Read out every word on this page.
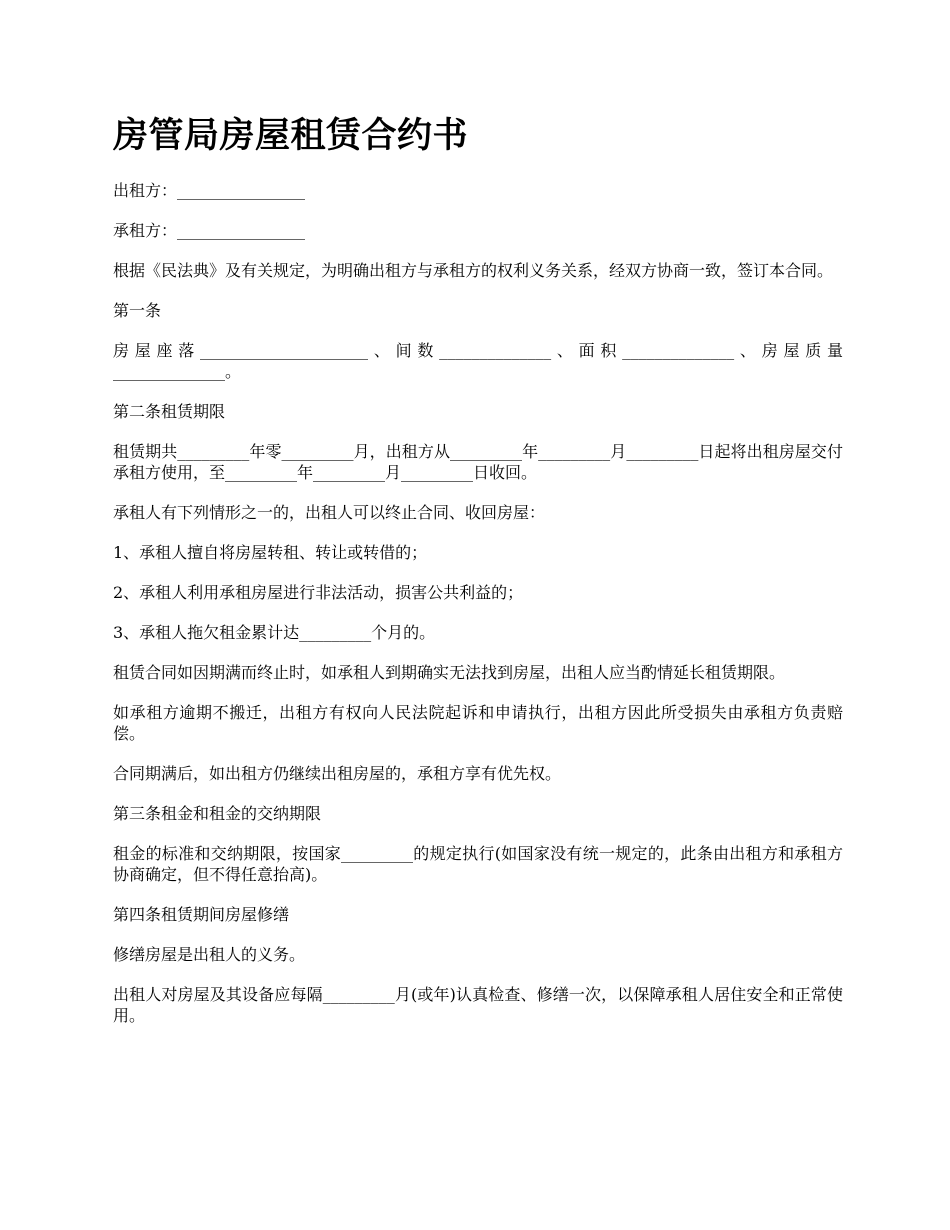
房管局房屋租赁合约书

出租方：________________

承租方：________________

根据《民法典》及有关规定，为明确出租方与承租方的权利义务关系，经双方协商一致，签订本合同。

第一条

房屋座落_____________________、间数______________、面积______________、房屋质量______________。

第二条租赁期限

租赁期共_________年零_________月，出租方从_________年_________月_________日起将出租房屋交付承租方使用，至_________年_________月_________日收回。

承租人有下列情形之一的，出租人可以终止合同、收回房屋：

1、承租人擅自将房屋转租、转让或转借的；

2、承租人利用承租房屋进行非法活动，损害公共利益的；

3、承租人拖欠租金累计达_________个月的。

租赁合同如因期满而终止时，如承租人到期确实无法找到房屋，出租人应当酌情延长租赁期限。

如承租方逾期不搬迁，出租方有权向人民法院起诉和申请执行，出租方因此所受损失由承租方负责赔偿。

合同期满后，如出租方仍继续出租房屋的，承租方享有优先权。

第三条租金和租金的交纳期限

租金的标准和交纳期限，按国家_________的规定执行(如国家没有统一规定的，此条由出租方和承租方协商确定，但不得任意抬高)。

第四条租赁期间房屋修缮

修缮房屋是出租人的义务。

出租人对房屋及其设备应每隔_________月(或年)认真检查、修缮一次，以保障承租人居住安全和正常使用。
